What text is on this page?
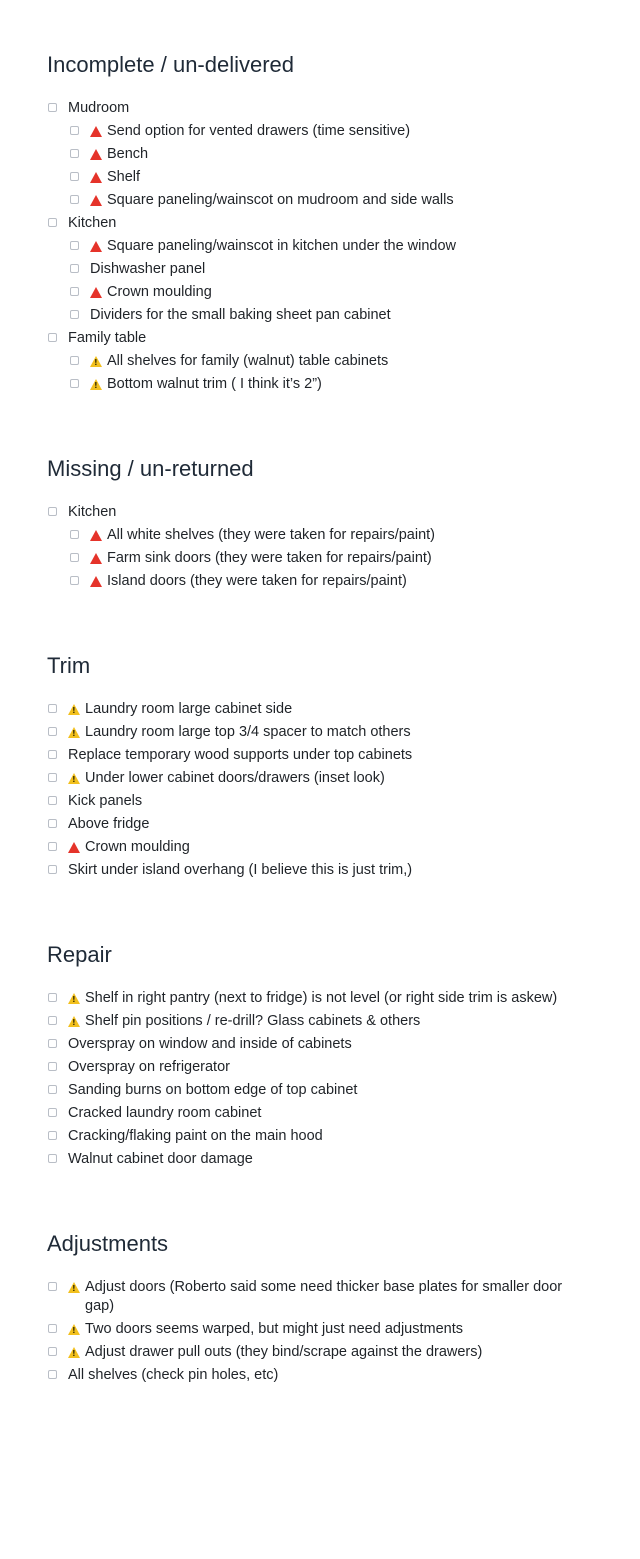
Incomplete / un-delivered
Mudroom
Send option for vented drawers (time sensitive)
Bench
Shelf
Square paneling/wainscot on mudroom and side walls
Kitchen
Square paneling/wainscot in kitchen under the window
Dishwasher panel
Crown moulding
Dividers for the small baking sheet pan cabinet
Family table
!
All shelves for family (walnut) table cabinets
!
Bottom walnut trim ( I think it’s 2”)
Missing / un-returned
Kitchen
All white shelves (they were taken for repairs/paint)
Farm sink doors (they were taken for repairs/paint)
Island doors (they were taken for repairs/paint)
Trim
!
Laundry room large cabinet side
!
Laundry room large top 3/4 spacer to match others
Replace temporary wood supports under top cabinets
!
Under lower cabinet doors/drawers (inset look)
Kick panels
Above fridge
Crown moulding
Skirt under island overhang (I believe this is just trim,)
Repair
!
Shelf in right pantry (next to fridge) is not level (or right side trim is askew)
!
Shelf pin positions / re-drill? Glass cabinets & others
Overspray on window and inside of cabinets
Overspray on refrigerator
Sanding burns on bottom edge of top cabinet
Cracked laundry room cabinet
Cracking/flaking paint on the main hood
Walnut cabinet door damage
Adjustments
!
Adjust doors (Roberto said some need thicker base plates for smaller door gap)
!
Two doors seems warped, but might just need adjustments
!
Adjust drawer pull outs (they bind/scrape against the drawers)
All shelves (check pin holes, etc)
